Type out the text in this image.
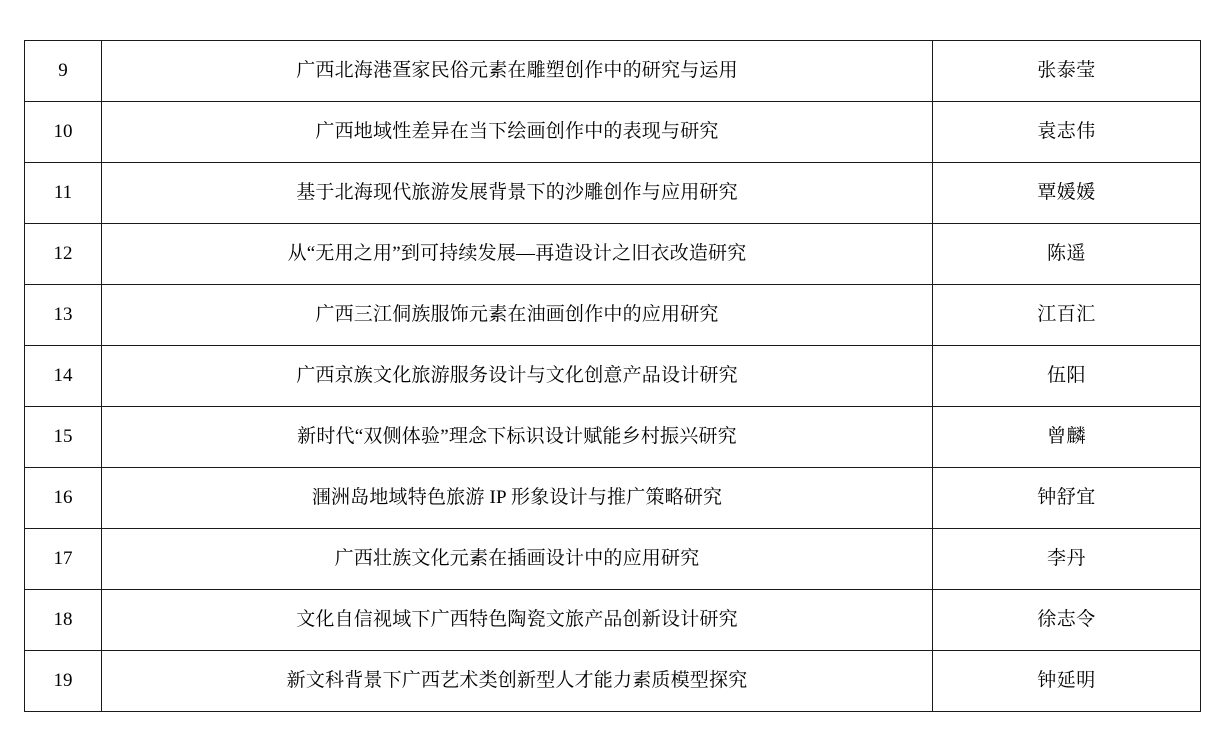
9	广西北海港疍家民俗元素在雕塑创作中的研究与运用	张泰莹
10	广西地域性差异在当下绘画创作中的表现与研究	袁志伟
11	基于北海现代旅游发展背景下的沙雕创作与应用研究	覃媛媛
12	从“无用之用”到可持续发展—再造设计之旧衣改造研究	陈遥
13	广西三江侗族服饰元素在油画创作中的应用研究	江百汇
14	广西京族文化旅游服务设计与文化创意产品设计研究	伍阳
15	新时代“双侧体验”理念下标识设计赋能乡村振兴研究	曾麟
16	涠洲岛地域特色旅游 IP 形象设计与推广策略研究	钟舒宜
17	广西壮族文化元素在插画设计中的应用研究	李丹
18	文化自信视域下广西特色陶瓷文旅产品创新设计研究	徐志令
19	新文科背景下广西艺术类创新型人才能力素质模型探究	钟延明
